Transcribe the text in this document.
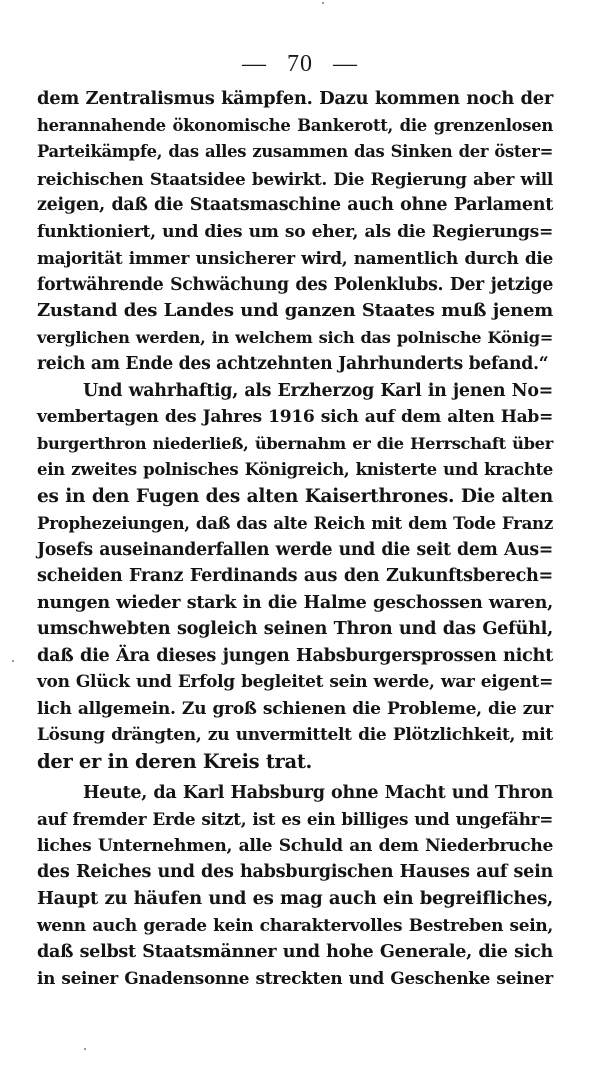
— 70 —
dem Zentralismus kämpfen. Dazu kommen noch der
herannahende ökonomische Bankerott, die grenzenlosen
Parteikämpfe, das alles zusammen das Sinken der öster=
reichischen Staatsidee bewirkt. Die Regierung aber will
zeigen, daß die Staatsmaschine auch ohne Parlament
funktioniert, und dies um so eher, als die Regierungs=
majorität immer unsicherer wird, namentlich durch die
fortwährende Schwächung des Polenklubs. Der jetzige
Zustand des Landes und ganzen Staates muß jenem
verglichen werden, in welchem sich das polnische König=
reich am Ende des achtzehnten Jahrhunderts befand.“
Und wahrhaftig, als Erzherzog Karl in jenen No=
vembertagen des Jahres 1916 sich auf dem alten Hab=
burgerthron niederließ, übernahm er die Herrschaft über
ein zweites polnisches Königreich, knisterte und krachte
es in den Fugen des alten Kaiserthrones. Die alten
Prophezeiungen, daß das alte Reich mit dem Tode Franz
Josefs auseinanderfallen werde und die seit dem Aus=
scheiden Franz Ferdinands aus den Zukunftsberech=
nungen wieder stark in die Halme geschossen waren,
umschwebten sogleich seinen Thron und das Gefühl,
daß die Ära dieses jungen Habsburgersprossen nicht
von Glück und Erfolg begleitet sein werde, war eigent=
lich allgemein. Zu groß schienen die Probleme, die zur
Lösung drängten, zu unvermittelt die Plötzlichkeit, mit
der er in deren Kreis trat.
Heute, da Karl Habsburg ohne Macht und Thron
auf fremder Erde sitzt, ist es ein billiges und ungefähr=
liches Unternehmen, alle Schuld an dem Niederbruche
des Reiches und des habsburgischen Hauses auf sein
Haupt zu häufen und es mag auch ein begreifliches,
wenn auch gerade kein charaktervolles Bestreben sein,
daß selbst Staatsmänner und hohe Generale, die sich
in seiner Gnadensonne streckten und Geschenke seiner
